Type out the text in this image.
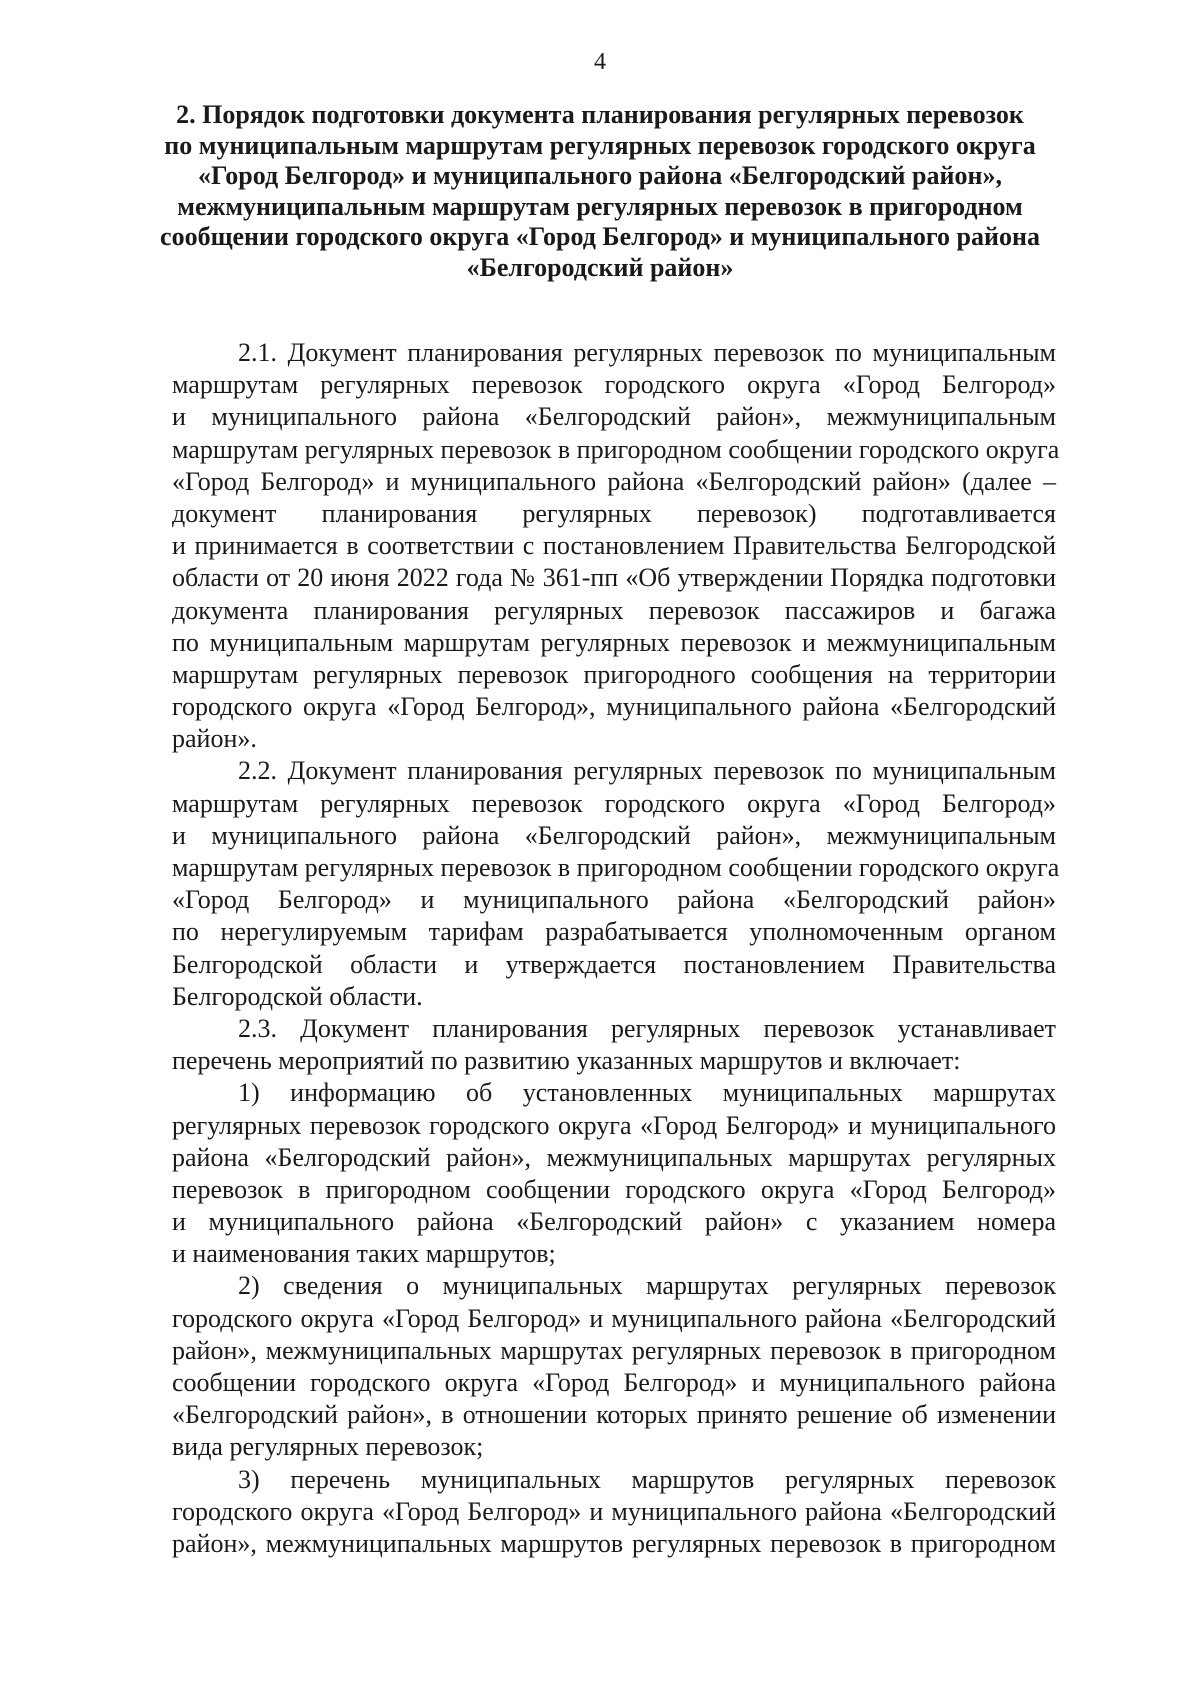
4
2. Порядок подготовки документа планирования регулярных перевозок
по муниципальным маршрутам регулярных перевозок городского округа
«Город Белгород» и муниципального района «Белгородский район»,
межмуниципальным маршрутам регулярных перевозок в пригородном
сообщении городского округа «Город Белгород» и муниципального района
«Белгородский район»
2.1. Документ планирования регулярных перевозок по муниципальным
маршрутам регулярных перевозок городского округа «Город Белгород»
и муниципального района «Белгородский район», межмуниципальным
маршрутам регулярных перевозок в пригородном сообщении городского округа
«Город Белгород» и муниципального района «Белгородский район» (далее –
документ планирования регулярных перевозок) подготавливается
и принимается в соответствии с постановлением Правительства Белгородской
области от 20 июня 2022 года № 361-пп «Об утверждении Порядка подготовки
документа планирования регулярных перевозок пассажиров и багажа
по муниципальным маршрутам регулярных перевозок и межмуниципальным
маршрутам регулярных перевозок пригородного сообщения на территории
городского округа «Город Белгород», муниципального района «Белгородский
район».
2.2. Документ планирования регулярных перевозок по муниципальным
маршрутам регулярных перевозок городского округа «Город Белгород»
и муниципального района «Белгородский район», межмуниципальным
маршрутам регулярных перевозок в пригородном сообщении городского округа
«Город Белгород» и муниципального района «Белгородский район»
по нерегулируемым тарифам разрабатывается уполномоченным органом
Белгородской области и утверждается постановлением Правительства
Белгородской области.
2.3. Документ планирования регулярных перевозок устанавливает
перечень мероприятий по развитию указанных маршрутов и включает:
1) информацию об установленных муниципальных маршрутах
регулярных перевозок городского округа «Город Белгород» и муниципального
района «Белгородский район», межмуниципальных маршрутах регулярных
перевозок в пригородном сообщении городского округа «Город Белгород»
и муниципального района «Белгородский район» с указанием номера
и наименования таких маршрутов;
2) сведения о муниципальных маршрутах регулярных перевозок
городского округа «Город Белгород» и муниципального района «Белгородский
район», межмуниципальных маршрутах регулярных перевозок в пригородном
сообщении городского округа «Город Белгород» и муниципального района
«Белгородский район», в отношении которых принято решение об изменении
вида регулярных перевозок;
3) перечень муниципальных маршрутов регулярных перевозок
городского округа «Город Белгород» и муниципального района «Белгородский
район», межмуниципальных маршрутов регулярных перевозок в пригородном
